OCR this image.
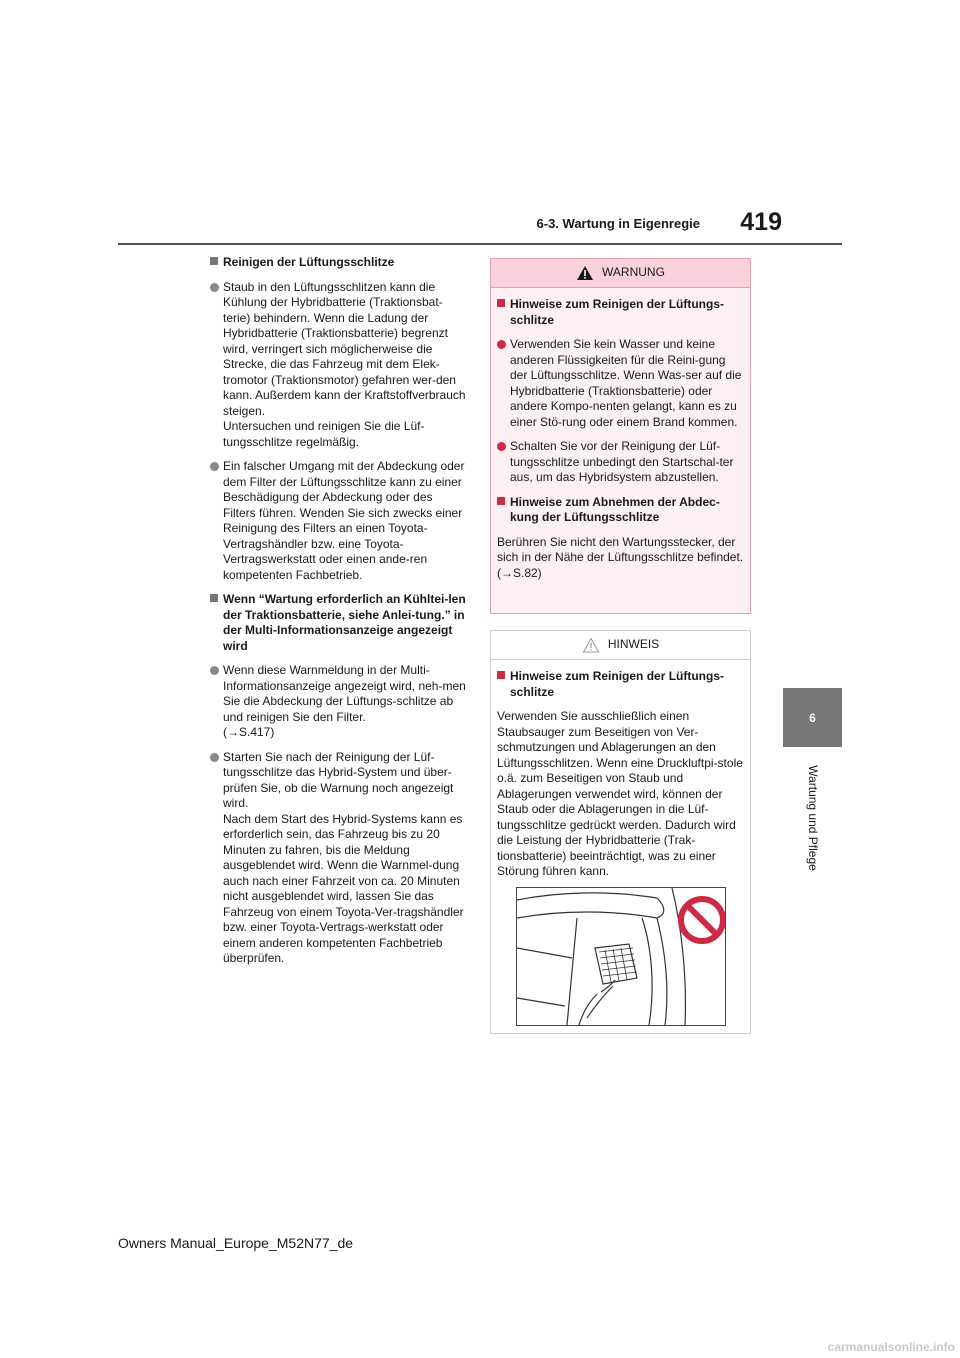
6-3. Wartung in Eigenregie	419
6
Wartung und Pflege
Reinigen der Lüftungsschlitze
Staub in den Lüftungsschlitzen kann die Kühlung der Hybridbatterie (Traktionsbat-terie) behindern. Wenn die Ladung der Hybridbatterie (Traktionsbatterie) begrenzt wird, verringert sich möglicherweise die Strecke, die das Fahrzeug mit dem Elek-tromotor (Traktionsmotor) gefahren wer-den kann. Außerdem kann der Kraftstoffverbrauch steigen.
Untersuchen und reinigen Sie die Lüf-tungsschlitze regelmäßig.
Ein falscher Umgang mit der Abdeckung oder dem Filter der Lüftungsschlitze kann zu einer Beschädigung der Abdeckung oder des Filters führen. Wenden Sie sich zwecks einer Reinigung des Filters an einen Toyota-Vertragshändler bzw. eine Toyota-Vertragswerkstatt oder einen ande-ren kompetenten Fachbetrieb.
Wenn “Wartung erforderlich an Kühltei-len der Traktionsbatterie, siehe Anlei-tung.” in der Multi-Informationsanzeige angezeigt wird
Wenn diese Warnmeldung in der Multi-Informationsanzeige angezeigt wird, neh-men Sie die Abdeckung der Lüftungs-schlitze ab und reinigen Sie den Filter.
(→S.417)
Starten Sie nach der Reinigung der Lüf-tungsschlitze das Hybrid-System und über-prüfen Sie, ob die Warnung noch angezeigt wird.
Nach dem Start des Hybrid-Systems kann es erforderlich sein, das Fahrzeug bis zu 20 Minuten zu fahren, bis die Meldung ausgeblendet wird. Wenn die Warnmel-dung auch nach einer Fahrzeit von ca. 20 Minuten nicht ausgeblendet wird, lassen Sie das Fahrzeug von einem Toyota-Ver-tragshändler bzw. einer Toyota-Vertrags-werkstatt oder einem anderen kompetenten Fachbetrieb überprüfen.
WARNUNG
Hinweise zum Reinigen der Lüftungs-schlitze
Verwenden Sie kein Wasser und keine anderen Flüssigkeiten für die Reini-gung der Lüftungsschlitze. Wenn Was-ser auf die Hybridbatterie (Traktionsbatterie) oder andere Kompo-nenten gelangt, kann es zu einer Stö-rung oder einem Brand kommen.
Schalten Sie vor der Reinigung der Lüf-tungsschlitze unbedingt den Startschal-ter aus, um das Hybridsystem abzustellen.
Hinweise zum Abnehmen der Abdec-kung der Lüftungsschlitze
Berühren Sie nicht den Wartungsstecker, der sich in der Nähe der Lüftungsschlitze befindet. (→S.82)
HINWEIS
Hinweise zum Reinigen der Lüftungs-schlitze
Verwenden Sie ausschließlich einen Staubsauger zum Beseitigen von Ver-schmutzungen und Ablagerungen an den Lüftungsschlitzen. Wenn eine Druckluftpi-stole o.ä. zum Beseitigen von Staub und Ablagerungen verwendet wird, können der Staub oder die Ablagerungen in die Lüf-tungsschlitze gedrückt werden. Dadurch wird die Leistung der Hybridbatterie (Trak-tionsbatterie) beeinträchtigt, was zu einer Störung führen kann.
Owners Manual_Europe_M52N77_de
carmanualsonline.info
